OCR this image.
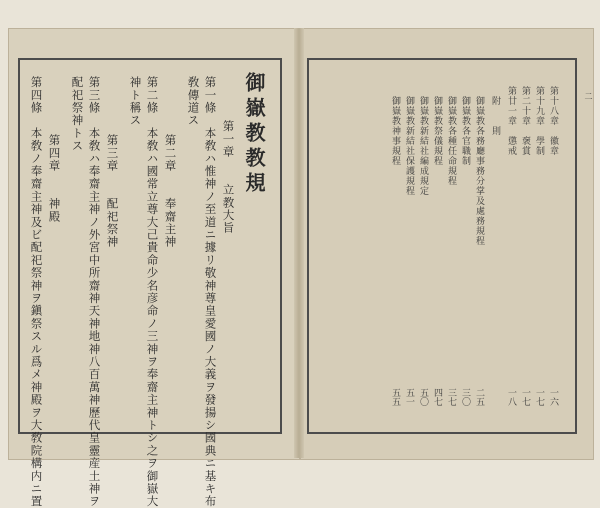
御嶽教教規
第一章　　立教大旨
第一條　本敎ハ惟神ノ至道ニ據リ敬神尊皇愛國ノ大義ヲ發揚シ國典ニ基キ布
敎傳道ス
第二章　　奉齋主神
第二條　本敎ハ國常立尊大己貴命少名彦命ノ三神ヲ奉齋主神トシ之ヲ御嶽大
神ト稱ス
第三章　　配祀祭神
第三條　本敎ハ奉齋主神ノ外宮中所齋神天神地神八百萬神歷代皇靈産土神ヲ
配祀祭神トス
第四章　　神殿
第四條　本敎ノ奉齋主神及ビ配祀祭神ヲ鎭祭スル爲メ神殿ヲ大敎院構内ニ置	第十八章　徽章
一六
第十九章　學制
一七
第二十章　褒賞
一七
第廿一章　懲戒
一八
附　　則
御嶽教各務廳事務分掌及處務規程
二五
御嶽教各官職制
三〇
御嶽教各種任命規程
三七
御嶽教祭儀規程
四七
御嶽教新結社編成規定
五〇
御嶽教新結社保護規程
五一
御嶽教神事規程
五五
二
